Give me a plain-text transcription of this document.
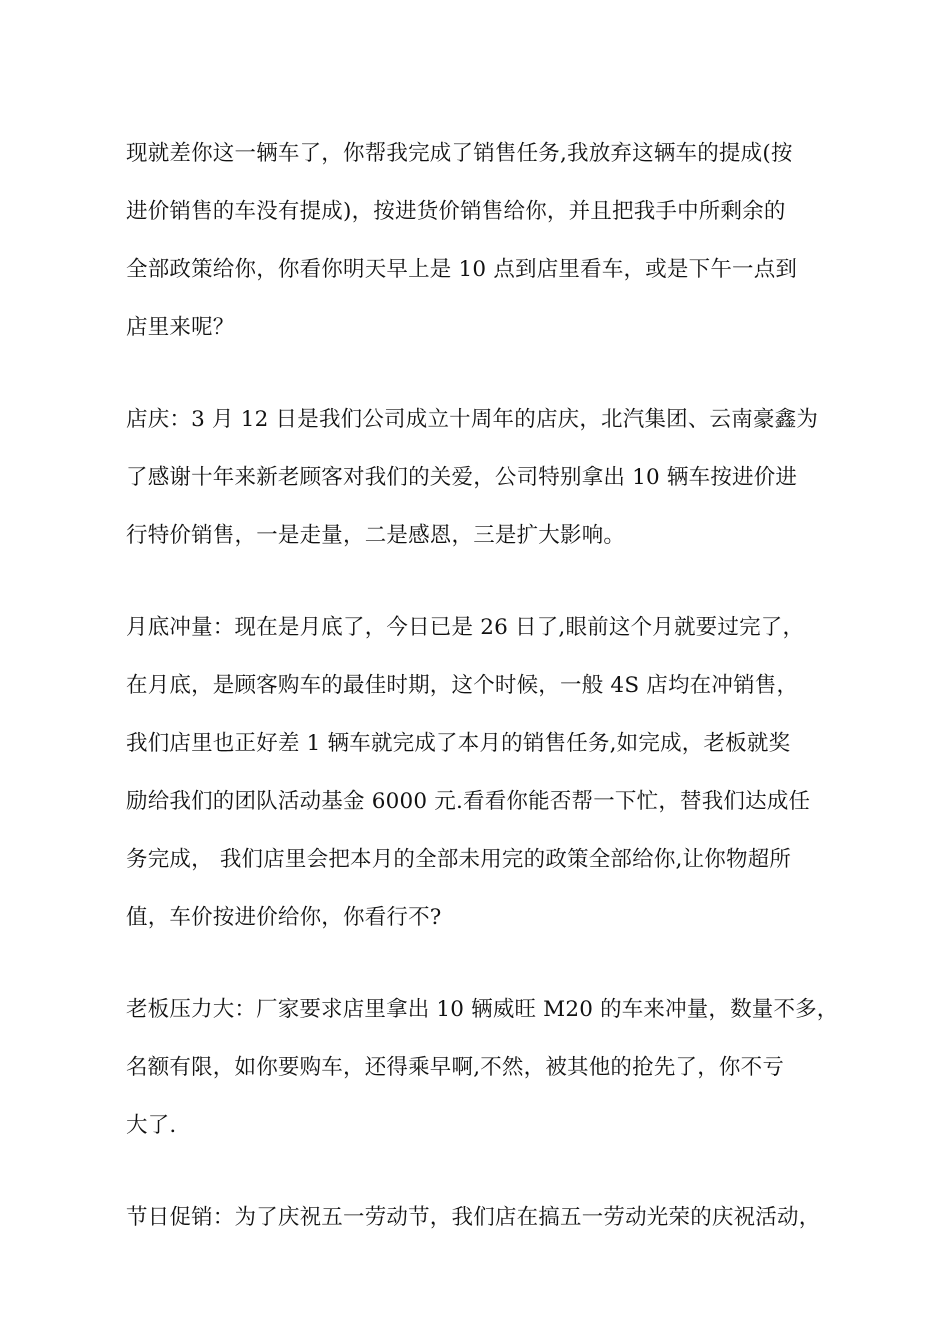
现就差你这一辆车了，你帮我完成了销售任务,我放弃这辆车的提成(按
进价销售的车没有提成)，按进货价销售给你，并且把我手中所剩余的
全部政策给你，你看你明天早上是 10 点到店里看车，或是下午一点到
店里来呢？
店庆：3 月 12 日是我们公司成立十周年的店庆，北汽集团、云南豪鑫为
了感谢十年来新老顾客对我们的关爱，公司特别拿出 10 辆车按进价进
行特价销售，一是走量，二是感恩，三是扩大影响。
月底冲量：现在是月底了，今日已是 26 日了,眼前这个月就要过完了，
在月底，是顾客购车的最佳时期，这个时候，一般 4S 店均在冲销售，
我们店里也正好差 1 辆车就完成了本月的销售任务,如完成，老板就奖
励给我们的团队活动基金 6000 元.看看你能否帮一下忙，替我们达成任
务完成， 我们店里会把本月的全部未用完的政策全部给你,让你物超所
值，车价按进价给你，你看行不?
老板压力大：厂家要求店里拿出 10 辆威旺 M20 的车来冲量，数量不多，
名额有限，如你要购车，还得乘早啊,不然，被其他的抢先了，你不亏
大了.
节日促销：为了庆祝五一劳动节，我们店在搞五一劳动光荣的庆祝活动，
